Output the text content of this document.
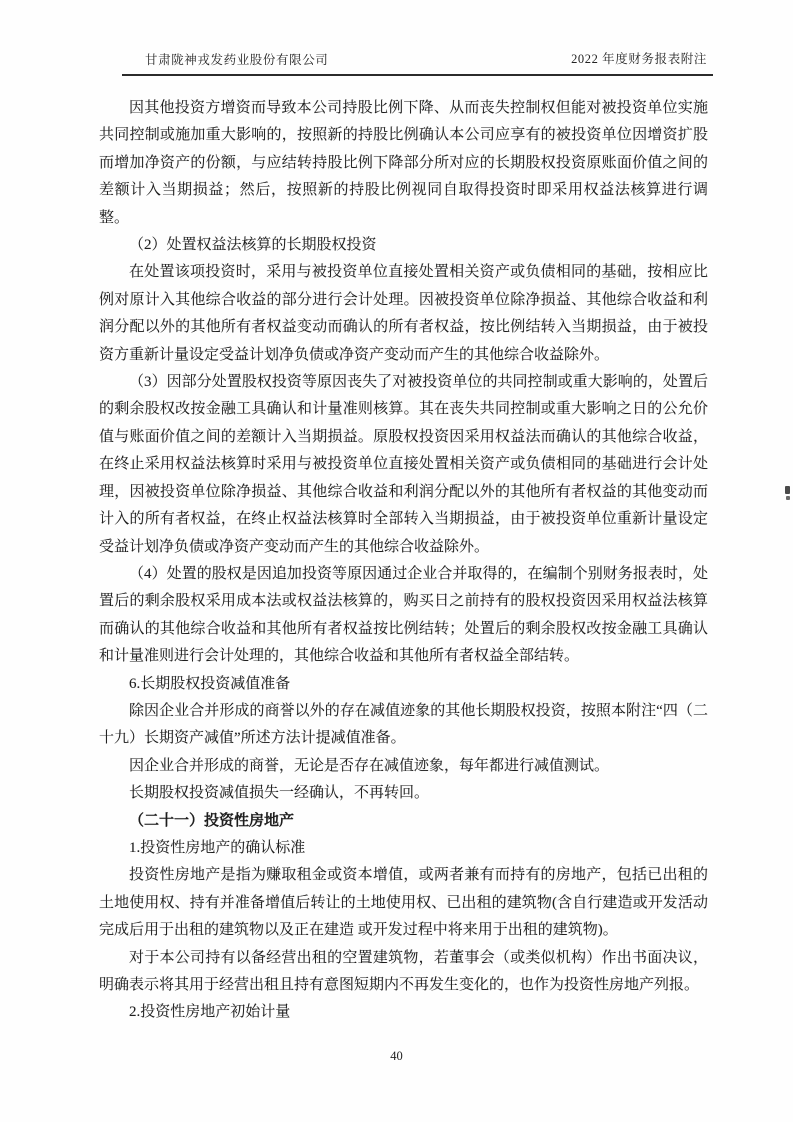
甘肃陇神戎发药业股份有限公司	2022 年度财务报表附注

因其他投资方增资而导致本公司持股比例下降、从而丧失控制权但能对被投资单位实施共同控制或施加重大影响的，按照新的持股比例确认本公司应享有的被投资单位因增资扩股而增加净资产的份额，与应结转持股比例下降部分所对应的长期股权投资原账面价值之间的差额计入当期损益；然后，按照新的持股比例视同自取得投资时即采用权益法核算进行调整。

（2）处置权益法核算的长期股权投资

在处置该项投资时，采用与被投资单位直接处置相关资产或负债相同的基础，按相应比例对原计入其他综合收益的部分进行会计处理。因被投资单位除净损益、其他综合收益和利润分配以外的其他所有者权益变动而确认的所有者权益，按比例结转入当期损益，由于被投资方重新计量设定受益计划净负债或净资产变动而产生的其他综合收益除外。

（3）因部分处置股权投资等原因丧失了对被投资单位的共同控制或重大影响的，处置后的剩余股权改按金融工具确认和计量准则核算。其在丧失共同控制或重大影响之日的公允价值与账面价值之间的差额计入当期损益。原股权投资因采用权益法而确认的其他综合收益，在终止采用权益法核算时采用与被投资单位直接处置相关资产或负债相同的基础进行会计处理，因被投资单位除净损益、其他综合收益和利润分配以外的其他所有者权益的其他变动而计入的所有者权益，在终止权益法核算时全部转入当期损益，由于被投资单位重新计量设定受益计划净负债或净资产变动而产生的其他综合收益除外。

（4）处置的股权是因追加投资等原因通过企业合并取得的，在编制个别财务报表时，处置后的剩余股权采用成本法或权益法核算的，购买日之前持有的股权投资因采用权益法核算而确认的其他综合收益和其他所有者权益按比例结转；处置后的剩余股权改按金融工具确认和计量准则进行会计处理的，其他综合收益和其他所有者权益全部结转。

6.长期股权投资减值准备

除因企业合并形成的商誉以外的存在减值迹象的其他长期股权投资，按照本附注“四（二十九）长期资产减值”所述方法计提减值准备。

因企业合并形成的商誉，无论是否存在减值迹象，每年都进行减值测试。

长期股权投资减值损失一经确认，不再转回。

（二十一）投资性房地产

1.投资性房地产的确认标准

投资性房地产是指为赚取租金或资本增值，或两者兼有而持有的房地产，包括已出租的土地使用权、持有并准备增值后转让的土地使用权、已出租的建筑物(含自行建造或开发活动完成后用于出租的建筑物以及正在建造 或开发过程中将来用于出租的建筑物)。

对于本公司持有以备经营出租的空置建筑物，若董事会（或类似机构）作出书面决议，明确表示将其用于经营出租且持有意图短期内不再发生变化的，也作为投资性房地产列报。

2.投资性房地产初始计量

40
